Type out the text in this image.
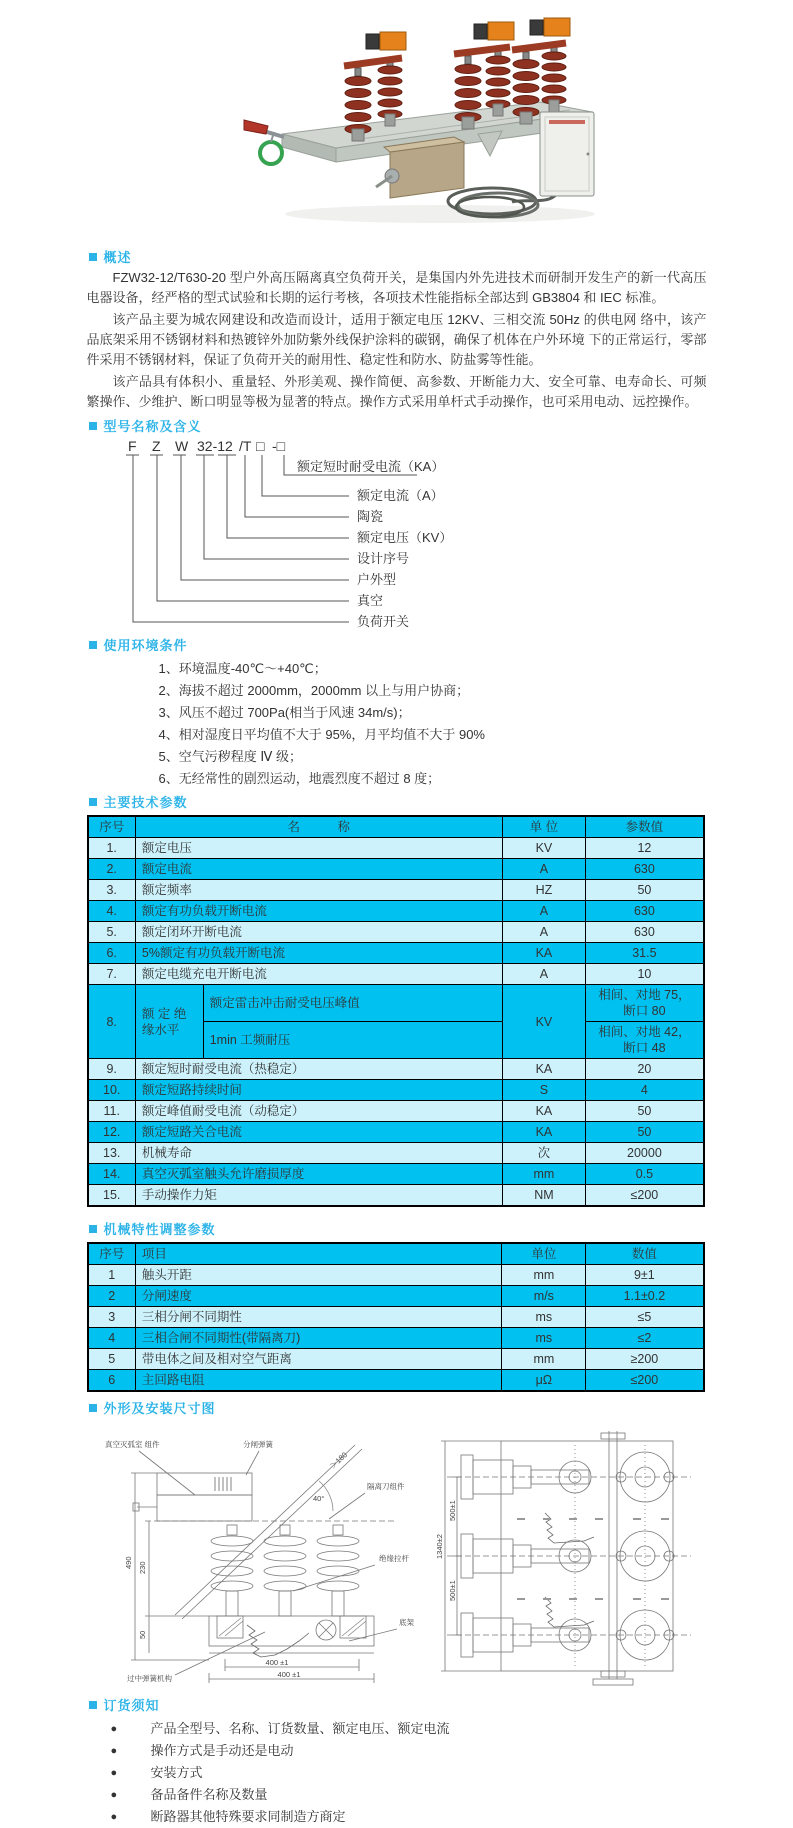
概述

FZW32-12/T630-20 型户外高压隔离真空负荷开关，是集国内外先进技术而研制开发生产的新一代高压电器设备，经严格的型式试验和长期的运行考核，各项技术性能指标全部达到 GB3804 和 IEC 标准。

该产品主要为城农网建设和改造而设计，适用于额定电压 12KV、三相交流 50Hz 的供电网 络中，该产品底架采用不锈钢材料和热镀锌外加防紫外线保护涂料的碳钢，确保了机体在户外环境 下的正常运行，零部件采用不锈钢材料，保证了负荷开关的耐用性、稳定性和防水、防盐雾等性能。

该产品具有体积小、重量轻、外形美观、操作简便、高参数、开断能力大、安全可靠、电寿命长、可频繁操作、少维护、断口明显等极为显著的特点。操作方式采用单杆式手动操作，也可采用电动、远控操作。

型号名称及含义
F Z W 32-12 /T □ -□
额定短时耐受电流（KA）
额定电流（A）
陶瓷
额定电压（KV）
设计序号
户外型
真空
负荷开关
使用环境条件
1、环境温度-40℃～+40℃；
2、海拔不超过 2000mm，2000mm 以上与用户协商；
3、风压不超过 700Pa(相当于风速 34m/s)；
4、相对湿度日平均值不大于 95%，月平均值不大于 90%
5、空气污秽程度 Ⅳ 级；
6、无经常性的剧烈运动，地震烈度不超过 8 度；
主要技术参数
序号	名　　　称		单 位	参数值
1.	额定电压		KV	12
2.	额定电流		A	630
3.	额定频率		HZ	50
4.	额定有功负载开断电流		A	630
5.	额定闭环开断电流		A	630
6.	5%额定有功负载开断电流		KA	31.5
7.	额定电缆充电开断电流		A	10
8.	额 定 绝 缘水平	额定雷击冲击耐受电压峰值	KV	相间、对地 75，断口 80
		1min 工频耐压		相间、对地 42，断口 48
9.	额定短时耐受电流（热稳定）		KA	20
10.	额定短路持续时间		S	4
11.	额定峰值耐受电流（动稳定）		KA	50
12.	额定短路关合电流		KA	50
13.	机械寿命		次	20000
14.	真空灭弧室触头允许磨损厚度		mm	0.5
15.	手动操作力矩		NM	≤200
机械特性调整参数
序号	项目	单位	数值
1	触头开距	mm	9±1
2	分闸速度	m/s	1.1±0.2
3	三相分闸不同期性	ms	≤5
4	三相合闸不同期性(带隔离刀)	ms	≤2
5	带电体之间及相对空气距离	mm	≥200
6	主回路电阻	μΩ	≤200
外形及安装尺寸图
真空灭弧室 组件	分闸弹簧
隔离刀组件
绝缘拉杆
底架
过中弹簧机构
40°
＞180
490 230
50
400 ±1
400 ±1
1340±2
500±1
500±1
订货须知
●	产品全型号、名称、订货数量、额定电压、额定电流
●	操作方式是手动还是电动
●	安装方式
●	备品备件名称及数量
●	断路器其他特殊要求同制造方商定
